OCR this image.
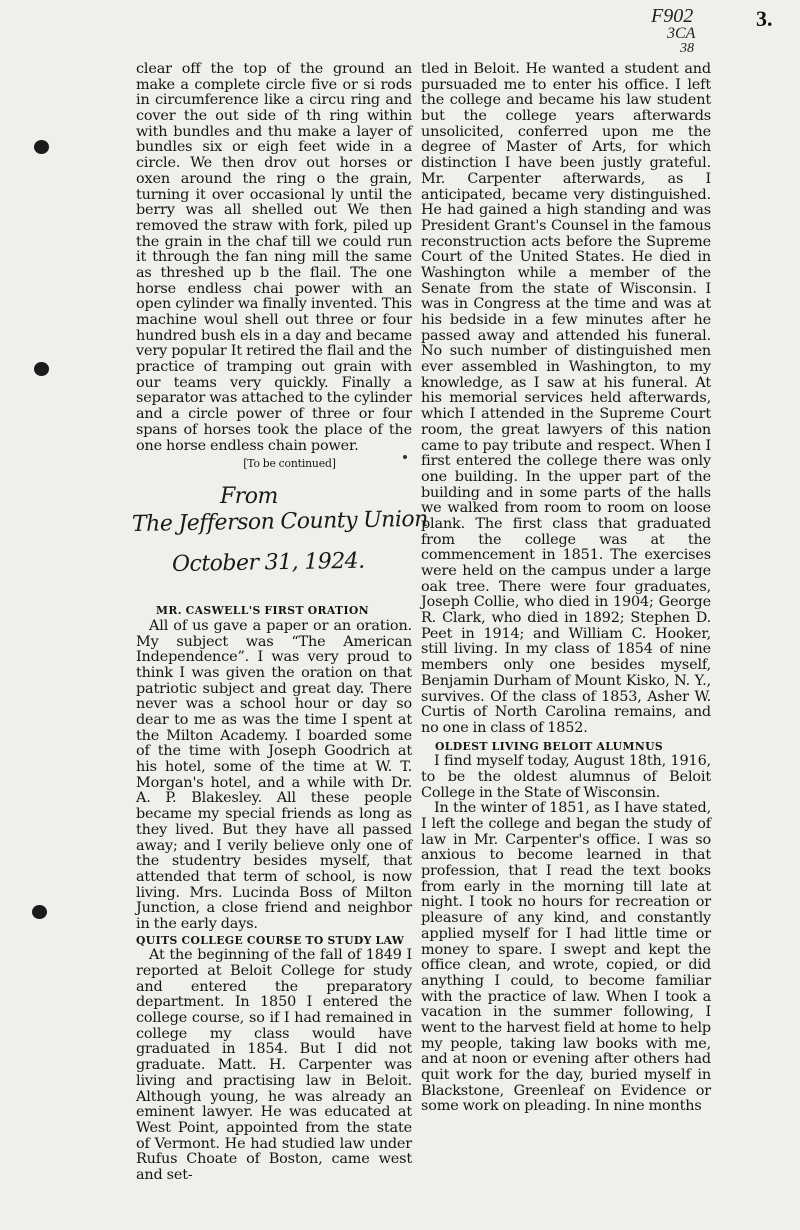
F902
3CA
38
3.

clear off the top of the ground an make a complete circle five or si rods in circumference like a circu ring and cover the out side of th ring within with bundles and thu make a layer of bundles six or eigh feet wide in a circle. We then drov out horses or oxen around the ring o the grain, turning it over occasional ly until the berry was all shelled out We then removed the straw with fork, piled up the grain in the chaf till we could run it through the fan ning mill the same as threshed up b the flail. The one horse endless chai power with an open cylinder wa finally invented. This machine woul shell out three or four hundred bush els in a day and became very popular It retired the flail and the practice of tramping out grain with our teams very quickly. Finally a separator was attached to the cylinder and a circle power of three or four spans of horses took the place of the one horse endless chain power.

[To be continued]

From
The Jefferson County Union
October 31, 1924.
MR. CASWELL'S FIRST ORATION

All of us gave a paper or an oration. My subject was “The American Independence”. I was very proud to think I was given the oration on that patriotic subject and great day. There never was a school hour or day so dear to me as was the time I spent at the Milton Academy. I boarded some of the time with Joseph Goodrich at his hotel, some of the time at W. T. Morgan's hotel, and a while with Dr. A. P. Blakesley. All these people became my special friends as long as they lived. But they have all passed away; and I verily believe only one of the studentry besides myself, that attended that term of school, is now living. Mrs. Lucinda Boss of Milton Junction, a close friend and neighbor in the early days.

QUITS COLLEGE COURSE TO STUDY LAW

At the beginning of the fall of 1849 I reported at Beloit College for study and entered the preparatory department. In 1850 I entered the college course, so if I had remained in college my class would have graduated in 1854. But I did not graduate. Matt. H. Carpenter was living and practising law in Beloit. Although young, he was already an eminent lawyer. He was educated at West Point, appointed from the state of Vermont. He had studied law under Rufus Choate of Boston, came west and set-

tled in Beloit. He wanted a student and pursuaded me to enter his office. I left the college and became his law student but the college years afterwards unsolicited, conferred upon me the degree of Master of Arts, for which distinction I have been justly grateful. Mr. Carpenter afterwards, as I anticipated, became very distinguished. He had gained a high standing and was President Grant's Counsel in the famous reconstruction acts before the Supreme Court of the United States. He died in Washington while a member of the Senate from the state of Wisconsin. I was in Congress at the time and was at his bedside in a few minutes after he passed away and attended his funeral. No such number of distinguished men ever assembled in Washington, to my knowledge, as I saw at his funeral. At his memorial services held afterwards, which I attended in the Supreme Court room, the great lawyers of this nation came to pay tribute and respect. When I first entered the college there was only one building. In the upper part of the building and in some parts of the halls we walked from room to room on loose plank. The first class that graduated from the college was at the commencement in 1851. The exercises were held on the campus under a large oak tree. There were four graduates, Joseph Collie, who died in 1904; George R. Clark, who died in 1892; Stephen D. Peet in 1914; and William C. Hooker, still living. In my class of 1854 of nine members only one besides myself, Benjamin Durham of Mount Kisko, N. Y., survives. Of the class of 1853, Asher W. Curtis of North Carolina remains, and no one in class of 1852.

OLDEST LIVING BELOIT ALUMNUS

I find myself today, August 18th, 1916, to be the oldest alumnus of Beloit College in the State of Wisconsin.

In the winter of 1851, as I have stated, I left the college and began the study of law in Mr. Carpenter's office. I was so anxious to become learned in that profession, that I read the text books from early in the morning till late at night. I took no hours for recreation or pleasure of any kind, and constantly applied myself for I had little time or money to spare. I swept and kept the office clean, and wrote, copied, or did anything I could, to become familiar with the practice of law. When I took a vacation in the summer following, I went to the harvest field at home to help my people, taking law books with me, and at noon or evening after others had quit work for the day, buried myself in Blackstone, Greenleaf on Evidence or some work on pleading. In nine months
